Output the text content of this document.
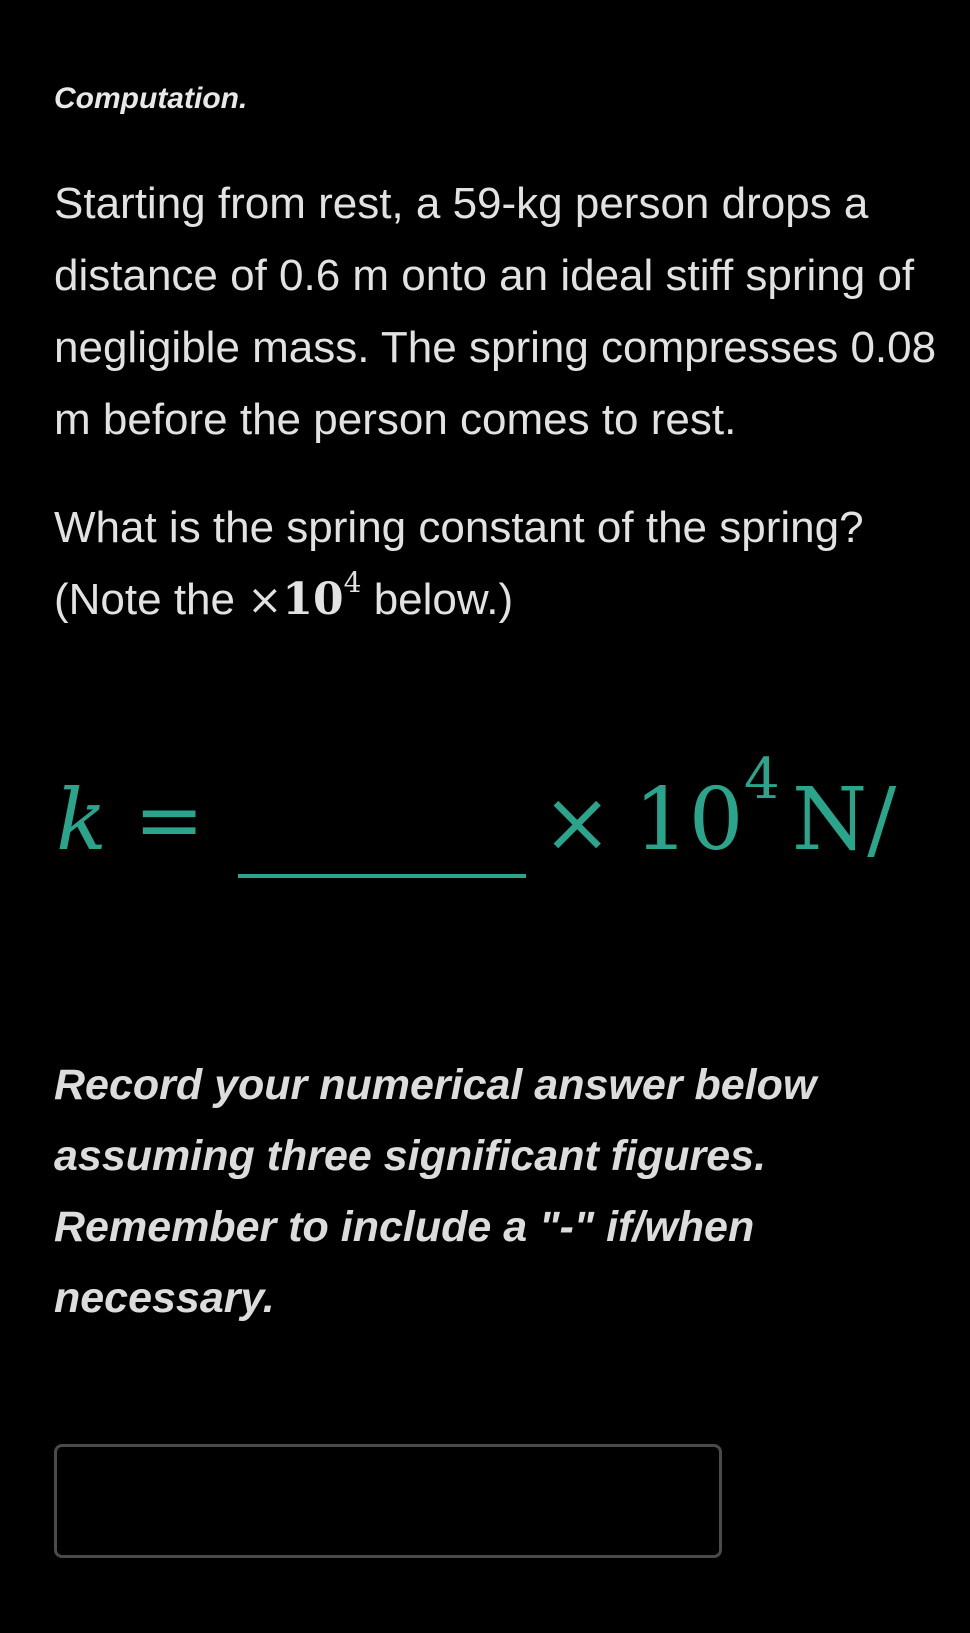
Computation.

Starting from rest, a 59-kg person drops a distance of 0.6 m onto an ideal stiff spring of negligible mass. The spring compresses 0.08 m before the person comes to rest.

What is the spring constant of the spring? (Note the $\times 10^4$ below.)

k =	× 10 4 N/

Record your numerical answer below assuming three significant figures. Remember to include a "-" if/when necessary.
